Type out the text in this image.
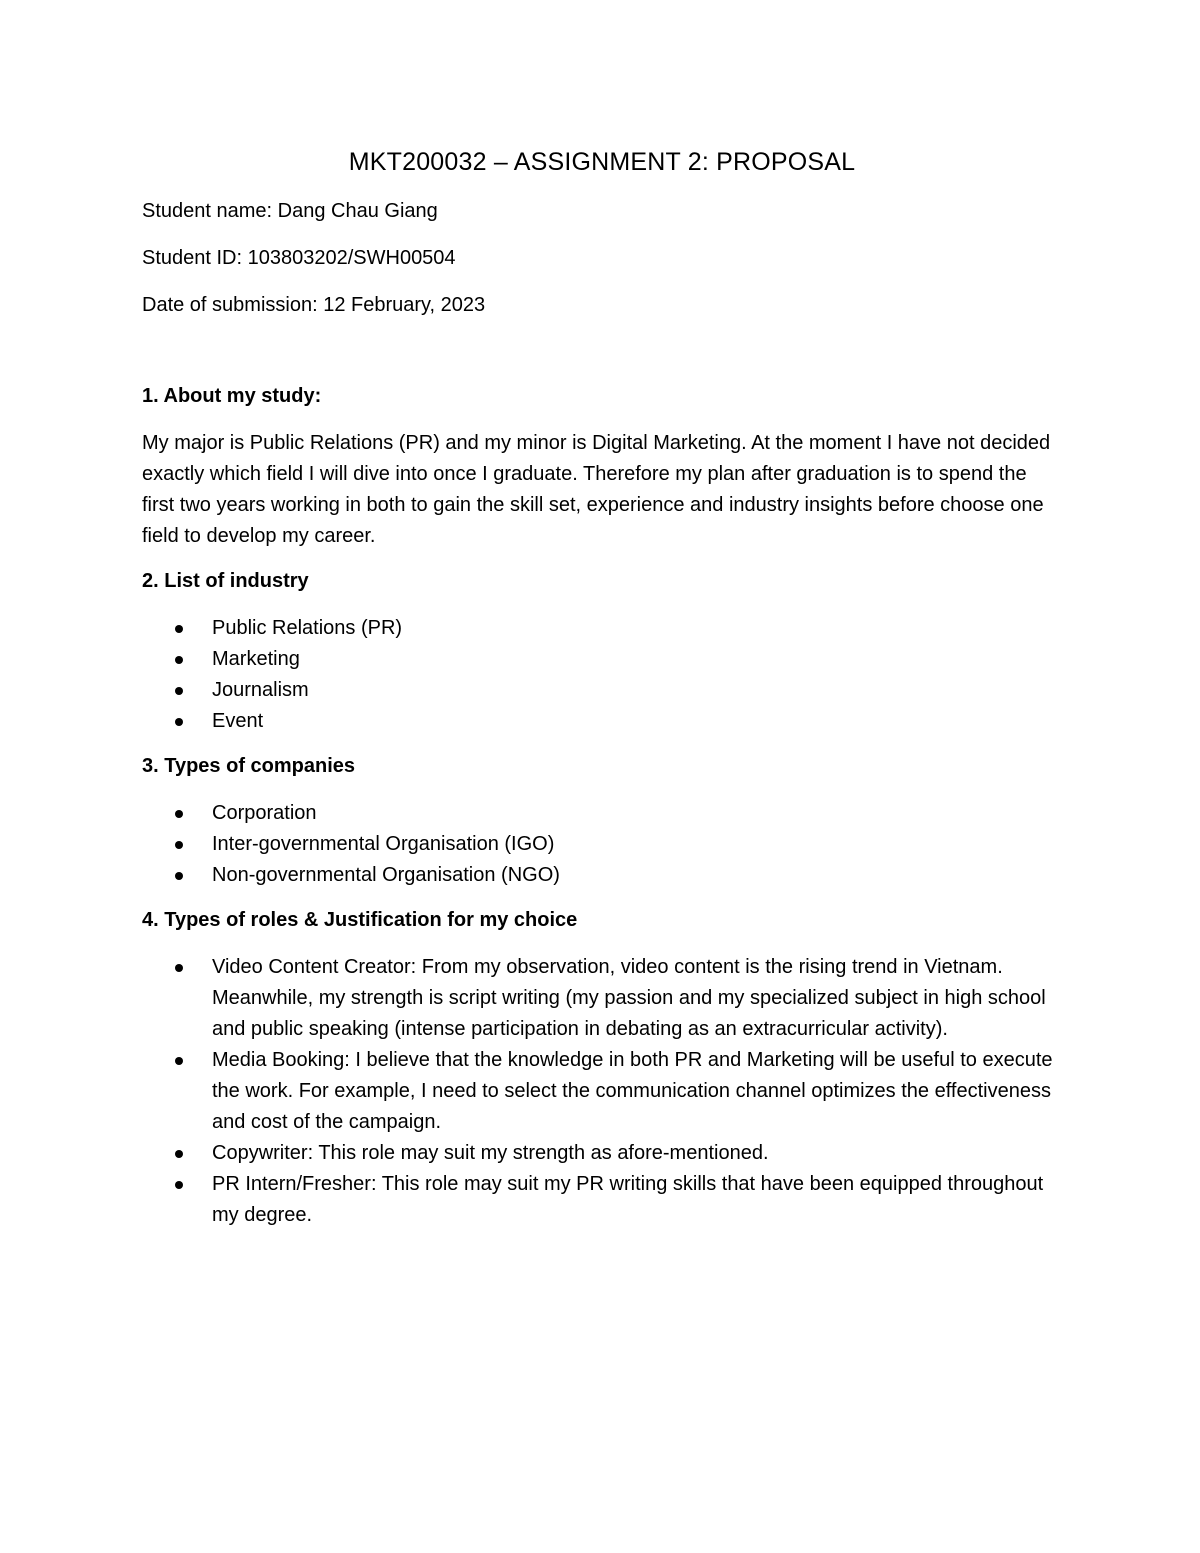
MKT200032 – ASSIGNMENT 2: PROPOSAL
Student name: Dang Chau Giang
Student ID: 103803202/SWH00504
Date of submission: 12 February, 2023
1. About my study:
My major is Public Relations (PR) and my minor is Digital Marketing. At the moment I have not decided exactly which field I will dive into once I graduate. Therefore my plan after graduation is to spend the first two years working in both to gain the skill set, experience and industry insights before choose one field to develop my career.
2. List of industry
Public Relations (PR)
Marketing
Journalism
Event
3. Types of companies
Corporation
Inter-governmental Organisation (IGO)
Non-governmental Organisation (NGO)
4. Types of roles & Justification for my choice
Video Content Creator: From my observation, video content is the rising trend in Vietnam. Meanwhile, my strength is script writing (my passion and my specialized subject in high school and public speaking (intense participation in debating as an extracurricular activity).
Media Booking: I believe that the knowledge in both PR and Marketing will be useful to execute the work. For example, I need to select the communication channel optimizes the effectiveness and cost of the campaign.
Copywriter: This role may suit my strength as afore-mentioned.
PR Intern/Fresher: This role may suit my PR writing skills that have been equipped throughout my degree.
